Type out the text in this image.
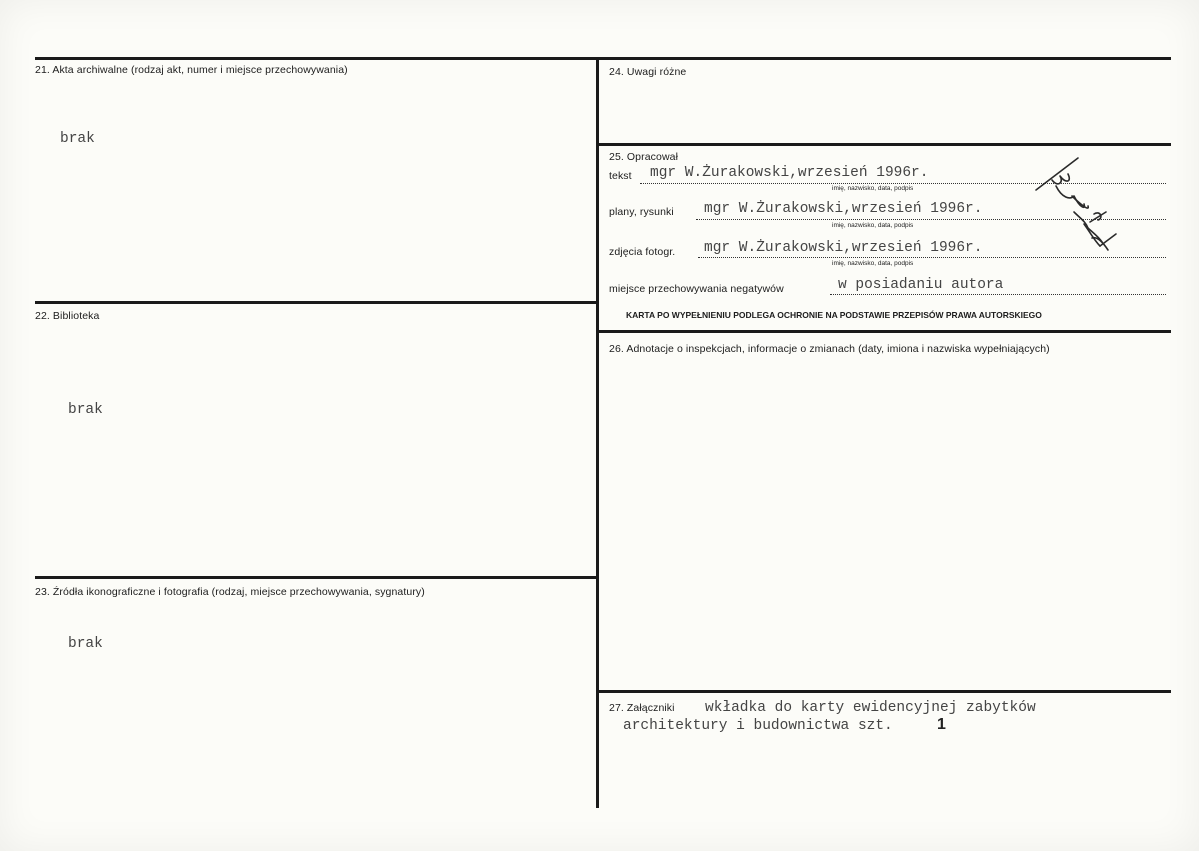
21. Akta archiwalne (rodzaj akt, numer i miejsce przechowywania)
brak
22. Biblioteka
brak
23. Źródła ikonograficzne i fotografia (rodzaj, miejsce przechowywania, sygnatury)
brak
24. Uwagi różne
25. Opracował
tekst mgr W.Żurakowski,wrzesień 1996r.
imię, nazwisko, data, podpis
plany, rysunki mgr W.Żurakowski,wrzesień 1996r.
imię, nazwisko, data, podpis
zdjęcia fotogr. mgr W.Żurakowski,wrzesień 1996r.
imię, nazwisko, data, podpis
miejsce przechowywania negatywów	w posiadaniu autora
KARTA PO WYPEŁNIENIU PODLEGA OCHRONIE NA PODSTAWIE PRZEPISÓW PRAWA AUTORSKIEGO
26. Adnotacje o inspekcjach, informacje o zmianach (daty, imiona i nazwiska wypełniających)
27. Załączniki wkładka do karty ewidencyjnej zabytków
architektury i budownictwa szt.	1
